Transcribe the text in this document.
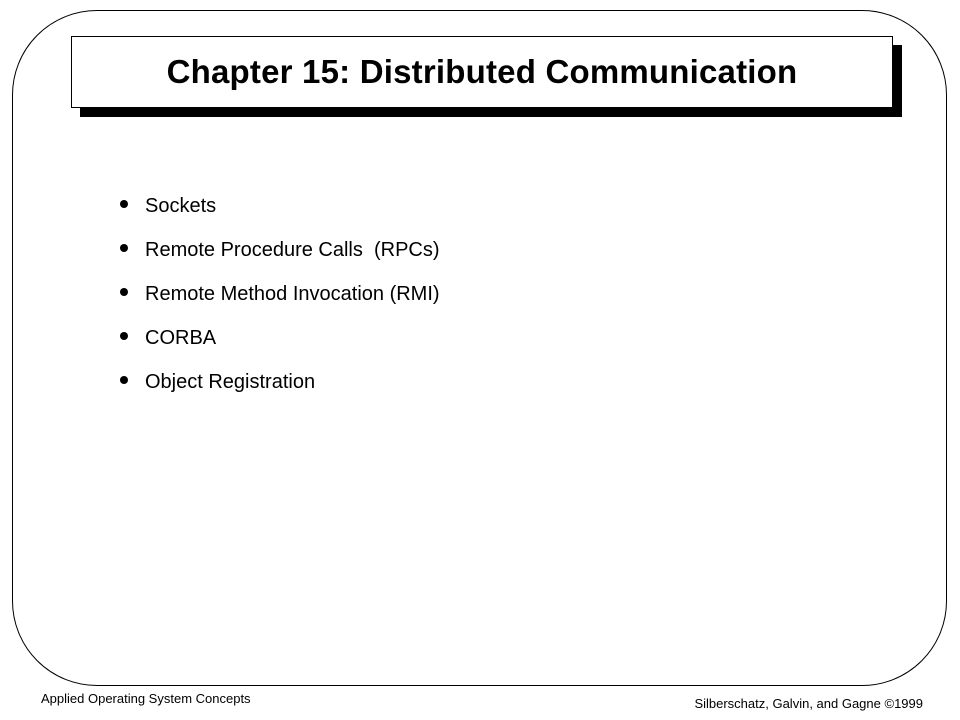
Chapter 15: Distributed Communication
Sockets
Remote Procedure Calls  (RPCs)
Remote Method Invocation (RMI)
CORBA
Object Registration
Applied Operating System Concepts	Silberschatz, Galvin, and Gagne ©1999
